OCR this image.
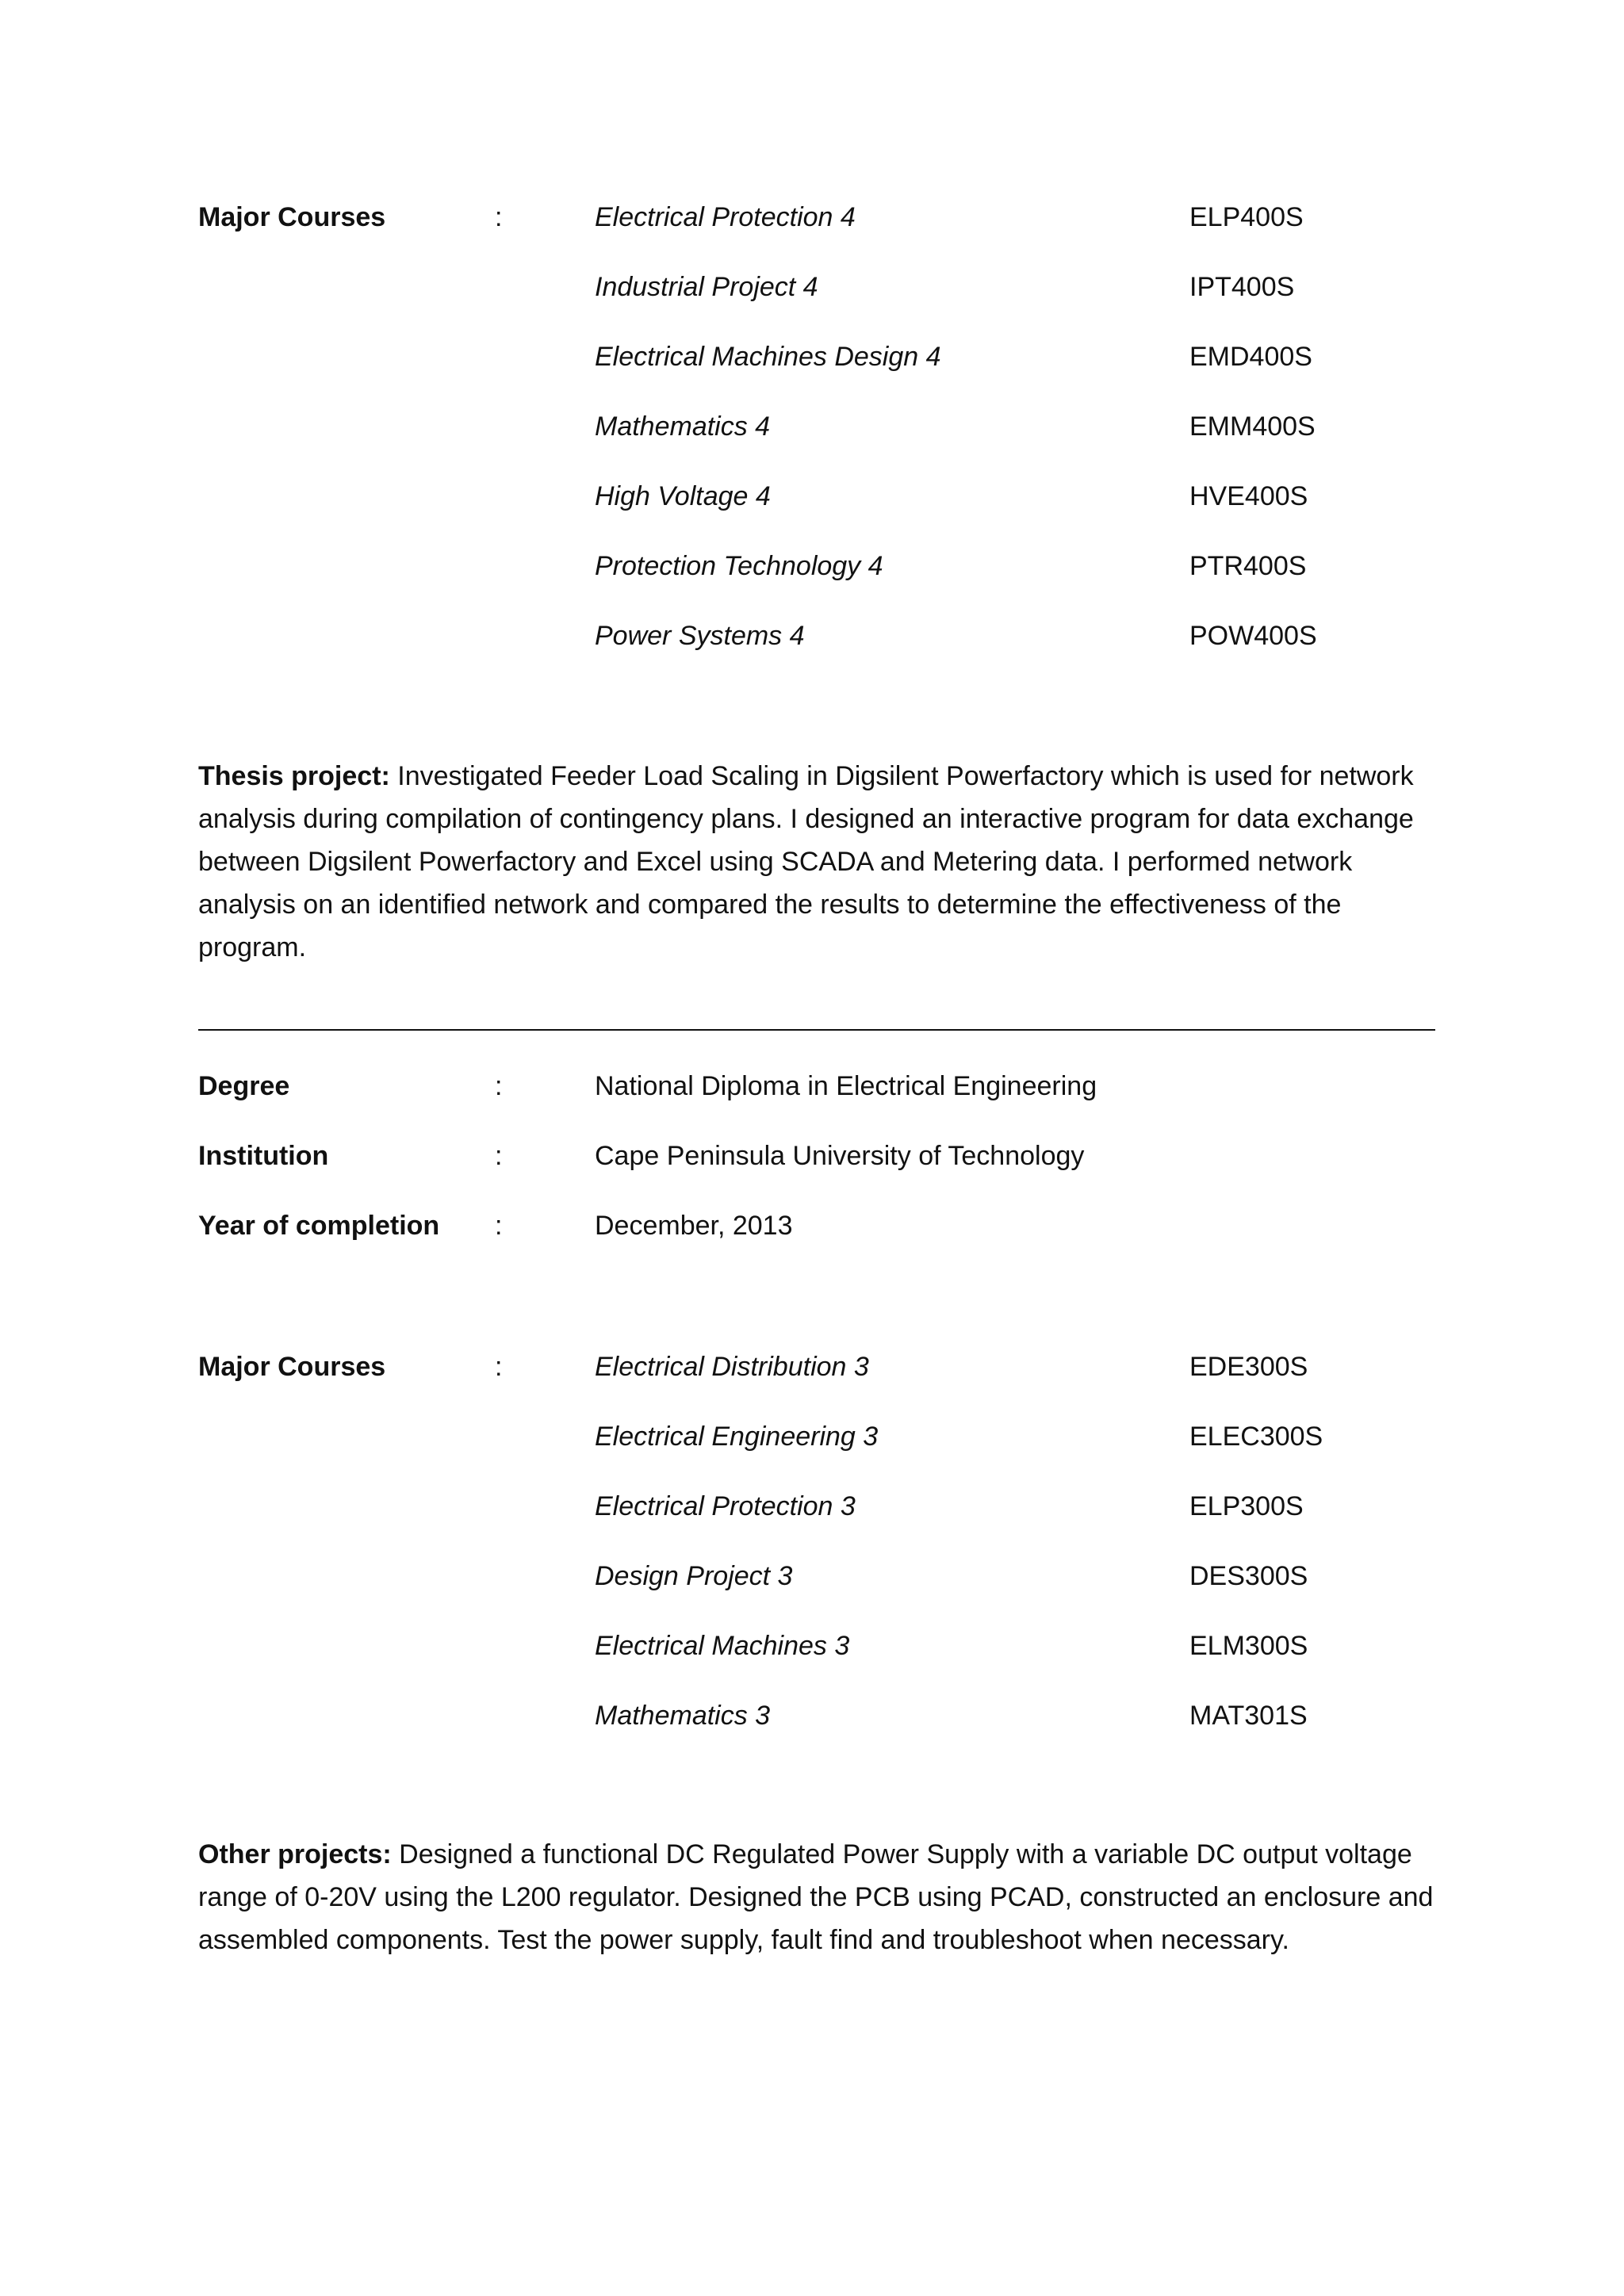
Major Courses	:	Electrical Protection 4	ELP400S
Industrial Project 4	IPT400S
Electrical Machines Design 4	EMD400S
Mathematics 4	EMM400S
High Voltage 4	HVE400S
Protection Technology 4	PTR400S
Power Systems 4	POW400S

Thesis project: Investigated Feeder Load Scaling in Digsilent Powerfactory which is used for network analysis during compilation of contingency plans. I designed an interactive program for data exchange between Digsilent Powerfactory and Excel using SCADA and Metering data. I performed network analysis on an identified network and compared the results to determine the effectiveness of the program.

Degree	:	National Diploma in Electrical Engineering
Institution	:	Cape Peninsula University of Technology
Year of completion :	December, 2013
Major Courses	:	Electrical Distribution 3	EDE300S
Electrical Engineering 3	ELEC300S
Electrical Protection 3	ELP300S
Design Project 3	DES300S
Electrical Machines 3	ELM300S
Mathematics 3	MAT301S

Other projects: Designed a functional DC Regulated Power Supply with a variable DC output voltage range of 0-20V using the L200 regulator. Designed the PCB using PCAD, constructed an enclosure and assembled components. Test the power supply, fault find and troubleshoot when necessary.
